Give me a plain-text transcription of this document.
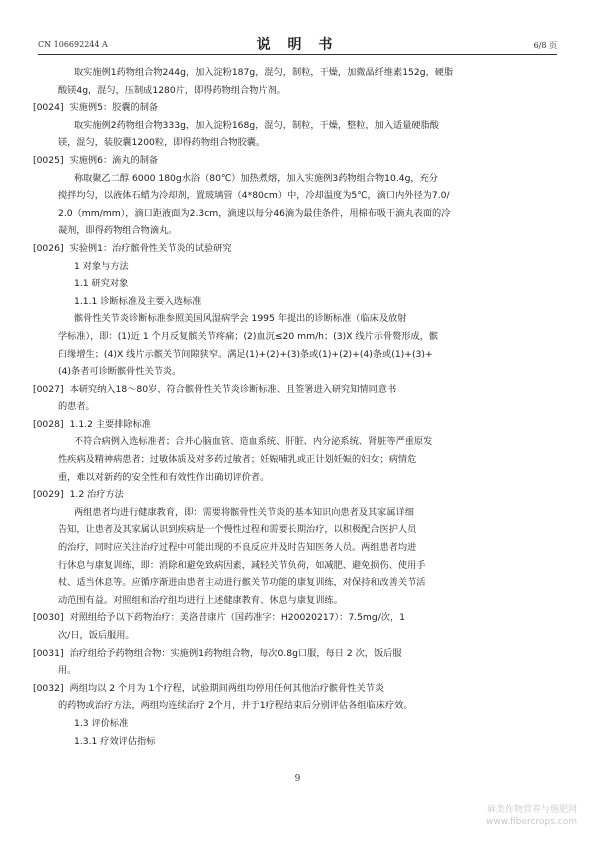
CN 106692244 A	说 明 书	6/8 页
取实施例1药物组合物244g，加入淀粉187g，混匀，制粒，干燥，加微晶纤维素152g，硬脂
酸镁4g，混匀，压制成1280片，即得药物组合物片剂。
[0024] 实施例5：胶囊的制备
取实施例2药物组合物333g，加入淀粉168g，混匀，制粒，干燥，整粒，加入适量硬脂酸
镁，混匀，装胶囊1200粒，即得药物组合物胶囊。
[0025] 实施例6：滴丸的制备
称取聚乙二醇 6000 180g水浴（80℃）加热煮熔，加入实施例3药物组合物10.4g，充分
搅拌均匀，以液体石蜡为冷却剂，置玻璃管（4*80cm）中，冷却温度为5℃，滴口内外径为7.0/
2.0（mm/mm），滴口距液面为2.3cm，滴速以每分46滴为最佳条件，用棉布吸干滴丸表面的冷
凝剂，即得药物组合物滴丸。
[0026] 实验例1：治疗髌骨性关节炎的试验研究
1 对象与方法
1.1 研究对象
1.1.1 诊断标准及主要入选标准
髌骨性关节炎诊断标准参照美国风湿病学会 1995 年提出的诊断标准（临床及放射
学标准），即：(1)近 1 个月反复髌关节疼痛；(2)血沉≤20 mm/h；(3)X 线片示骨赘形成，髌
臼缘增生；(4)X 线片示髌关节间隙狭窄。满足(1)+(2)+(3)条或(1)+(2)+(4)条或(1)+(3)+
(4)条者可诊断髌骨性关节炎。
[0027] 本研究纳入18～80岁、符合髌骨性关节炎诊断标准、且签署进入研究知情同意书
的患者。
[0028] 1.1.2 主要排除标准
不符合病例入选标准者；合并心脑血管、造血系统、肝脏、内分泌系统、肾脏等严重原发
性疾病及精神病患者；过敏体质及对多药过敏者；妊娠哺乳或正计划妊娠的妇女；病情危
重，难以对新药的安全性和有效性作出确切评价者。
[0029] 1.2 治疗方法
两组患者均进行健康教育，即：需要将髌骨性关节炎的基本知识向患者及其家属详细
告知，让患者及其家属认识到疾病是一个慢性过程和需要长期治疗，以积极配合医护人员
的治疗，同时应关注治疗过程中可能出现的不良反应并及时告知医务人员。两组患者均进
行休息与康复训练，即：消除和避免致病因素，减轻关节负荷，如减肥、避免损伤、使用手
杖、适当休息等。应循序渐进由患者主动进行髌关节功能的康复训练，对保持和改善关节活
动范围有益。对照组和治疗组均进行上述健康教育、休息与康复训练。
[0030] 对照组给予以下药物治疗：美洛昔康片（国药准字：H20020217）：7.5mg/次，1
次/日，饭后服用。
[0031] 治疗组给予药物组合物：实施例1药物组合物，每次0.8g口服，每日 2 次，饭后服
用。
[0032] 两组均以 2 个月为 1个疗程，试验期间两组均停用任何其他治疗髌骨性关节炎
的药物或治疗方法，两组均连续治疗 2个月，并于1疗程结束后分别评估各组临床疗效。
1.3 评价标准
1.3.1 疗效评估指标
9
麻类作物营养与施肥网
www.fibercrops.com
